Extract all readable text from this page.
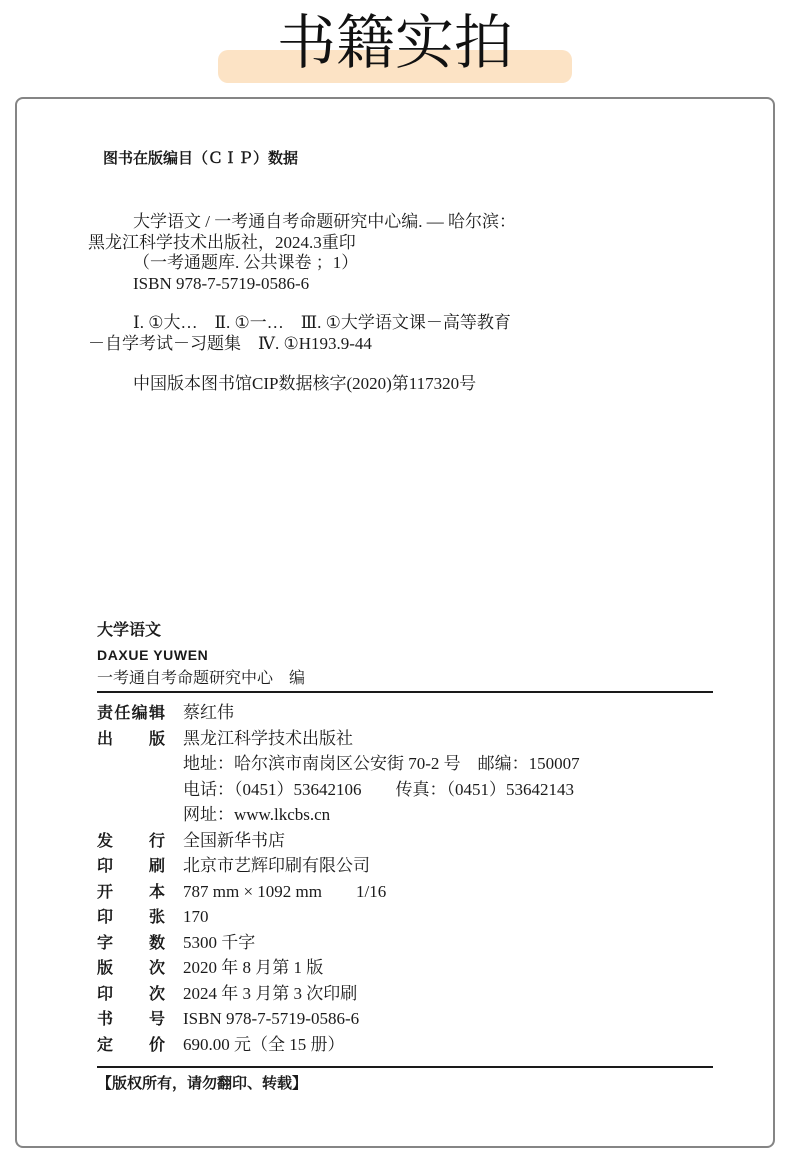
书籍实拍
图书在版编目（ＣＩＰ）数据
大学语文 / 一考通自考命题研究中心编. — 哈尔滨：
黑龙江科学技术出版社，2024.3重印
（一考通题库. 公共课卷 ；1）
ISBN 978-7-5719-0586-6
Ⅰ. ①大…　Ⅱ. ①一…　Ⅲ. ①大学语文课－高等教育
－自学考试－习题集　Ⅳ. ①H193.9-44
中国版本图书馆CIP数据核字(2020)第117320号
大学语文
DAXUE YUWEN
一考通自考命题研究中心　编
责任编辑 蔡红伟
出版 黑龙江科学技术出版社
地址：哈尔滨市南岗区公安街 70-2 号　邮编：150007
电话：（0451）53642106　　传真：（0451）53642143
网址：www.lkcbs.cn
发行 全国新华书店
印刷 北京市艺辉印刷有限公司
开本 787 mm × 1092 mm　　1/16
印张 170
字数 5300 千字
版次 2020 年 8 月第 1 版
印次 2024 年 3 月第 3 次印刷
书号 ISBN 978-7-5719-0586-6
定价 690.00 元（全 15 册）
【版权所有，请勿翻印、转载】
